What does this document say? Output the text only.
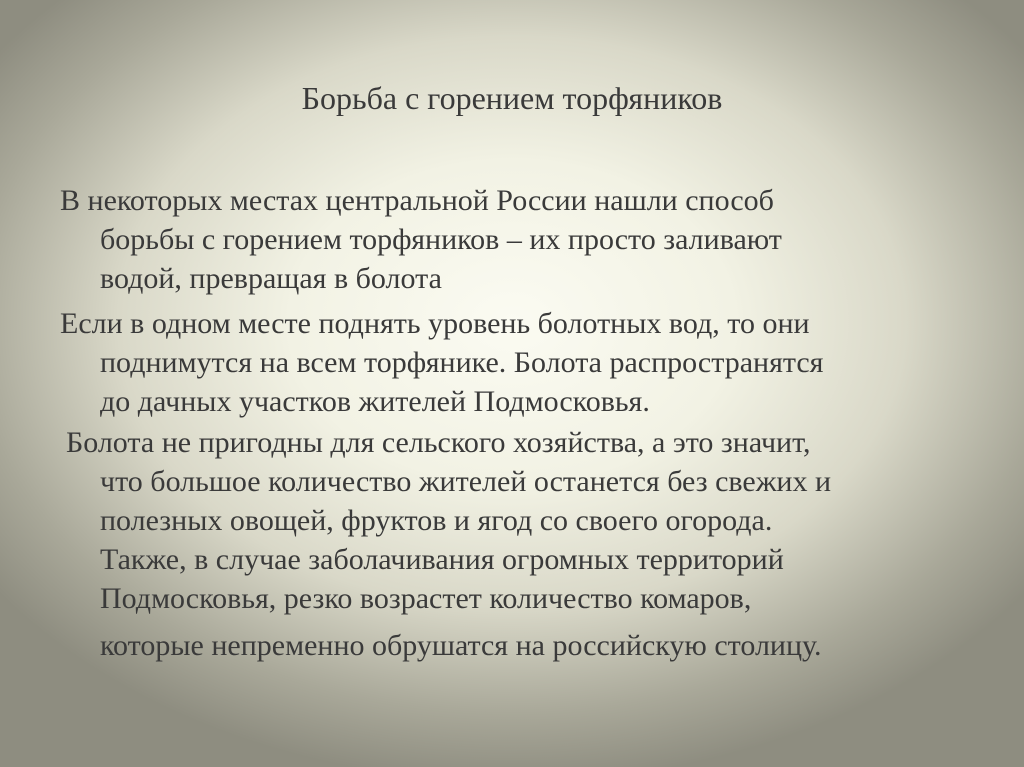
Борьба с горением торфяников
В некоторых местах центральной России нашли способ
борьбы с горением торфяников – их просто заливают
водой, превращая в болота
Если в одном месте поднять уровень болотных вод, то они
поднимутся на всем торфянике. Болота распространятся
до дачных участков жителей Подмосковья.
Болота не пригодны для сельского хозяйства, а это значит,
что большое количество жителей останется без свежих и
полезных овощей, фруктов и ягод со своего огорода.
Также, в случае заболачивания огромных территорий
Подмосковья, резко возрастет количество комаров,
которые непременно обрушатся на российскую столицу.
